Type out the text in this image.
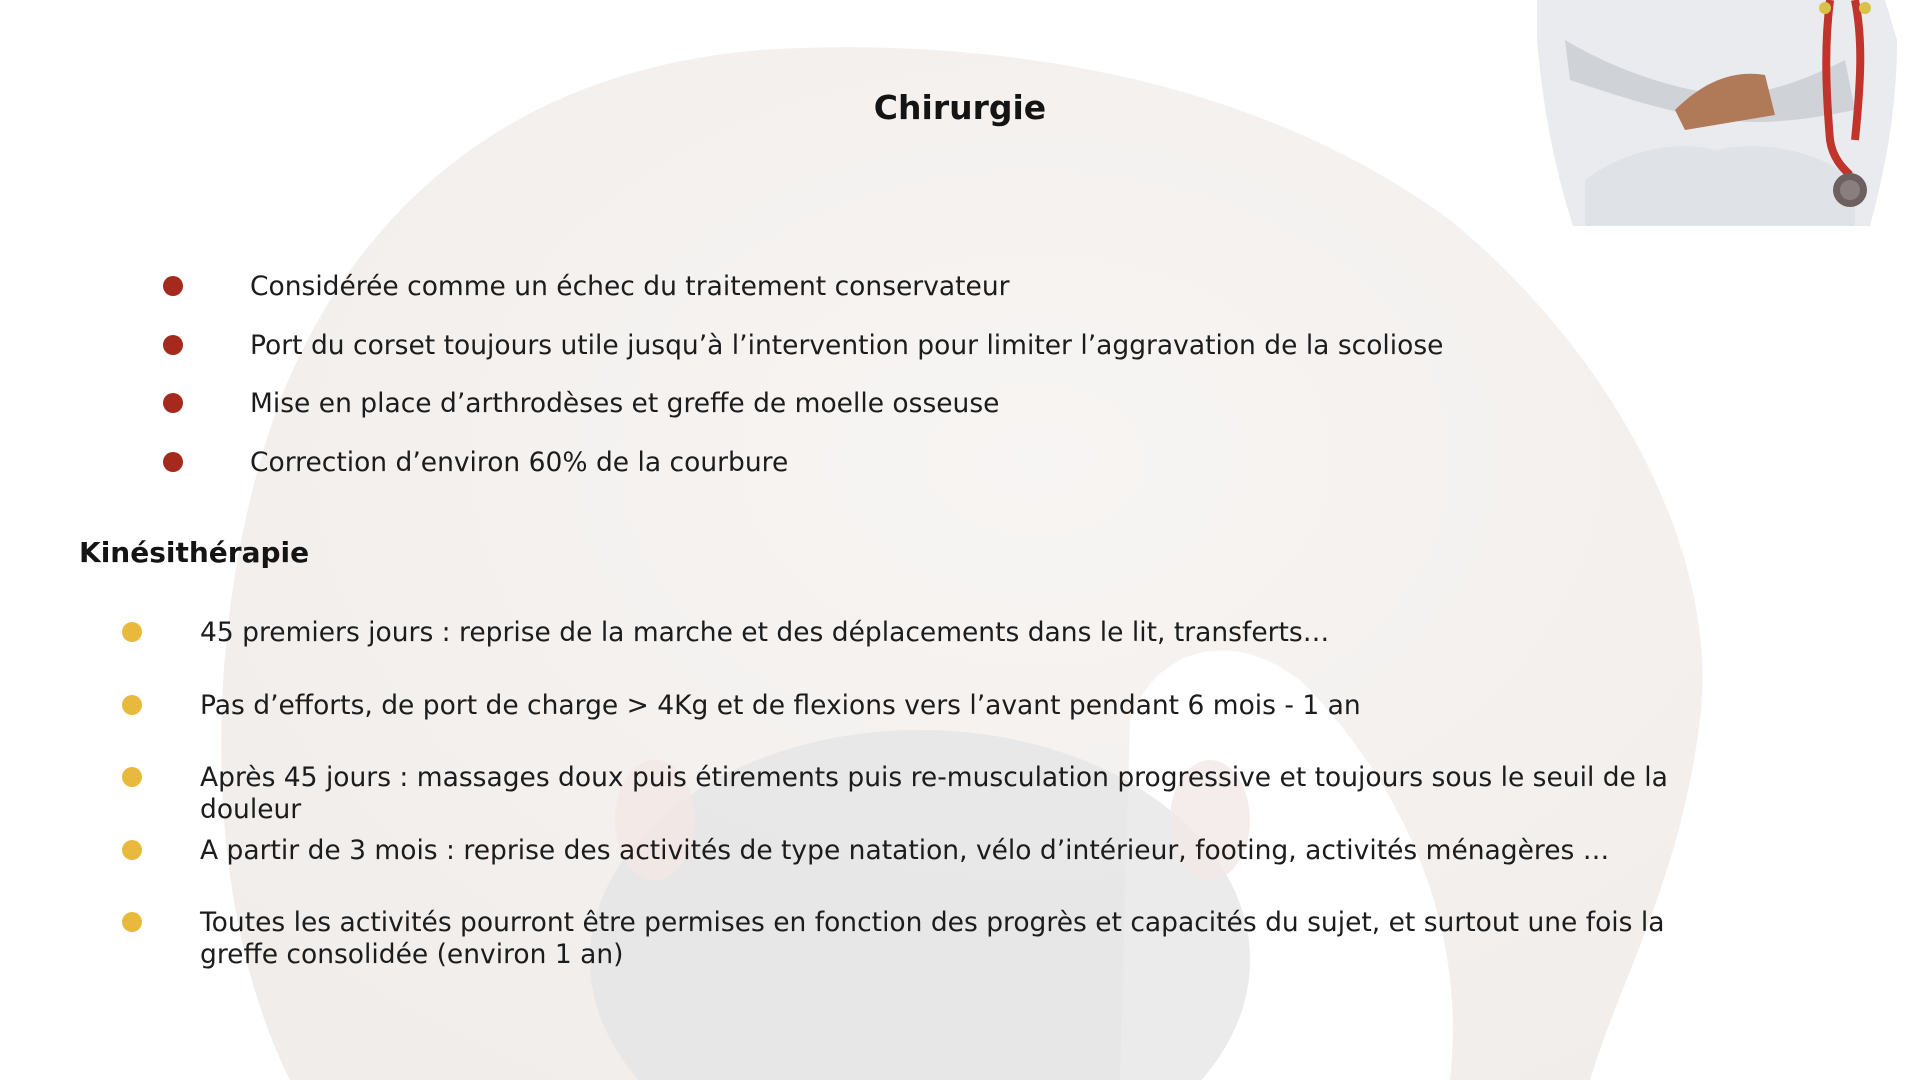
Chirurgie
Considérée comme un échec du traitement conservateur
Port du corset toujours utile jusqu’à l’intervention pour limiter l’aggravation de la scoliose
Mise en place d’arthrodèses et greffe de moelle osseuse
Correction d’environ 60% de la courbure
Kinésithérapie
45 premiers jours : reprise de la marche et des déplacements dans le lit, transferts…
Pas d’efforts, de port de charge > 4Kg et de flexions vers l’avant pendant 6 mois - 1 an
Après 45 jours : massages doux puis étirements puis re-musculation progressive et toujours sous le seuil de la douleur
A partir de 3 mois : reprise des activités de type natation, vélo d’intérieur, footing, activités ménagères …
Toutes les activités pourront être permises en fonction des progrès et capacités du sujet, et surtout une fois la greffe consolidée (environ 1 an)
